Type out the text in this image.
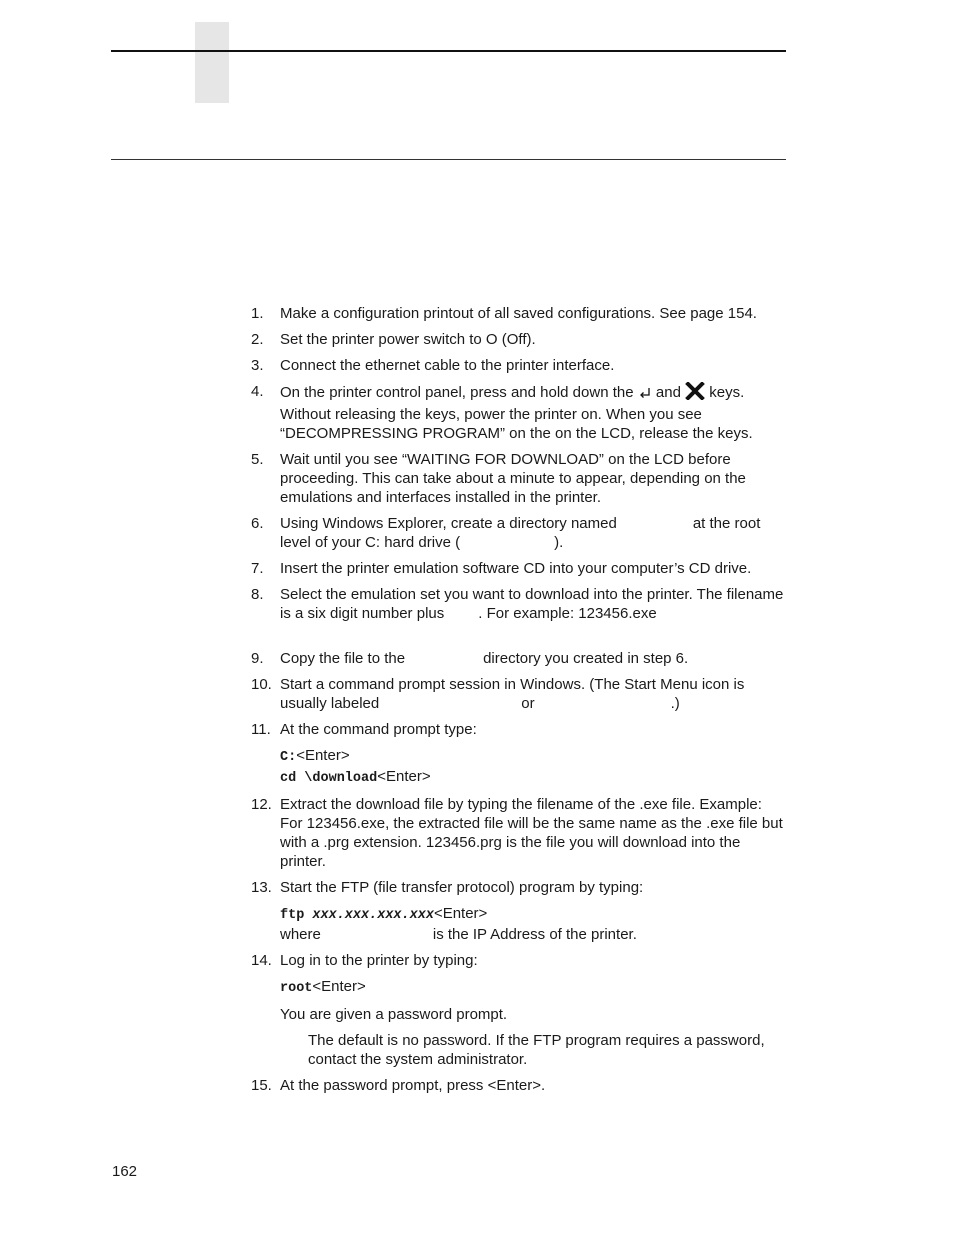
1. Make a configuration printout of all saved configurations. See page 154.
2. Set the printer power switch to O (Off).
3. Connect the ethernet cable to the printer interface.
4. On the printer control panel, press and hold down the and keys. Without releasing the keys, power the printer on. When you see “DECOMPRESSING PROGRAM” on the on the LCD, release the keys.
5. Wait until you see “WAITING FOR DOWNLOAD” on the LCD before proceeding. This can take about a minute to appear, depending on the emulations and interfaces installed in the printer.
6. Using Windows Explorer, create a directory named	at the root level of your C: hard drive (	).
7. Insert the printer emulation software CD into your computer’s CD drive.
8. Select the emulation set you want to download into the printer. The filename is a six digit number plus . For example: 123456.exe
9. Copy the file to the	directory you created in step 6.
10. Start a command prompt session in Windows. (The Start Menu icon is usually labeled	or	.)
11. At the command prompt type:
C:<Enter>
cd \download<Enter>
12. Extract the download file by typing the filename of the .exe file. Example: For 123456.exe, the extracted file will be the same name as the .exe file but with a .prg extension. 123456.prg is the file you will download into the printer.
13. Start the FTP (file transfer protocol) program by typing:
ftp xxx.xxx.xxx.xxx<Enter>
where	is the IP Address of the printer.
14. Log in to the printer by typing:
root<Enter>
You are given a password prompt.
The default is no password. If the FTP program requires a password, contact the system administrator.
15. At the password prompt, press <Enter>.
162
